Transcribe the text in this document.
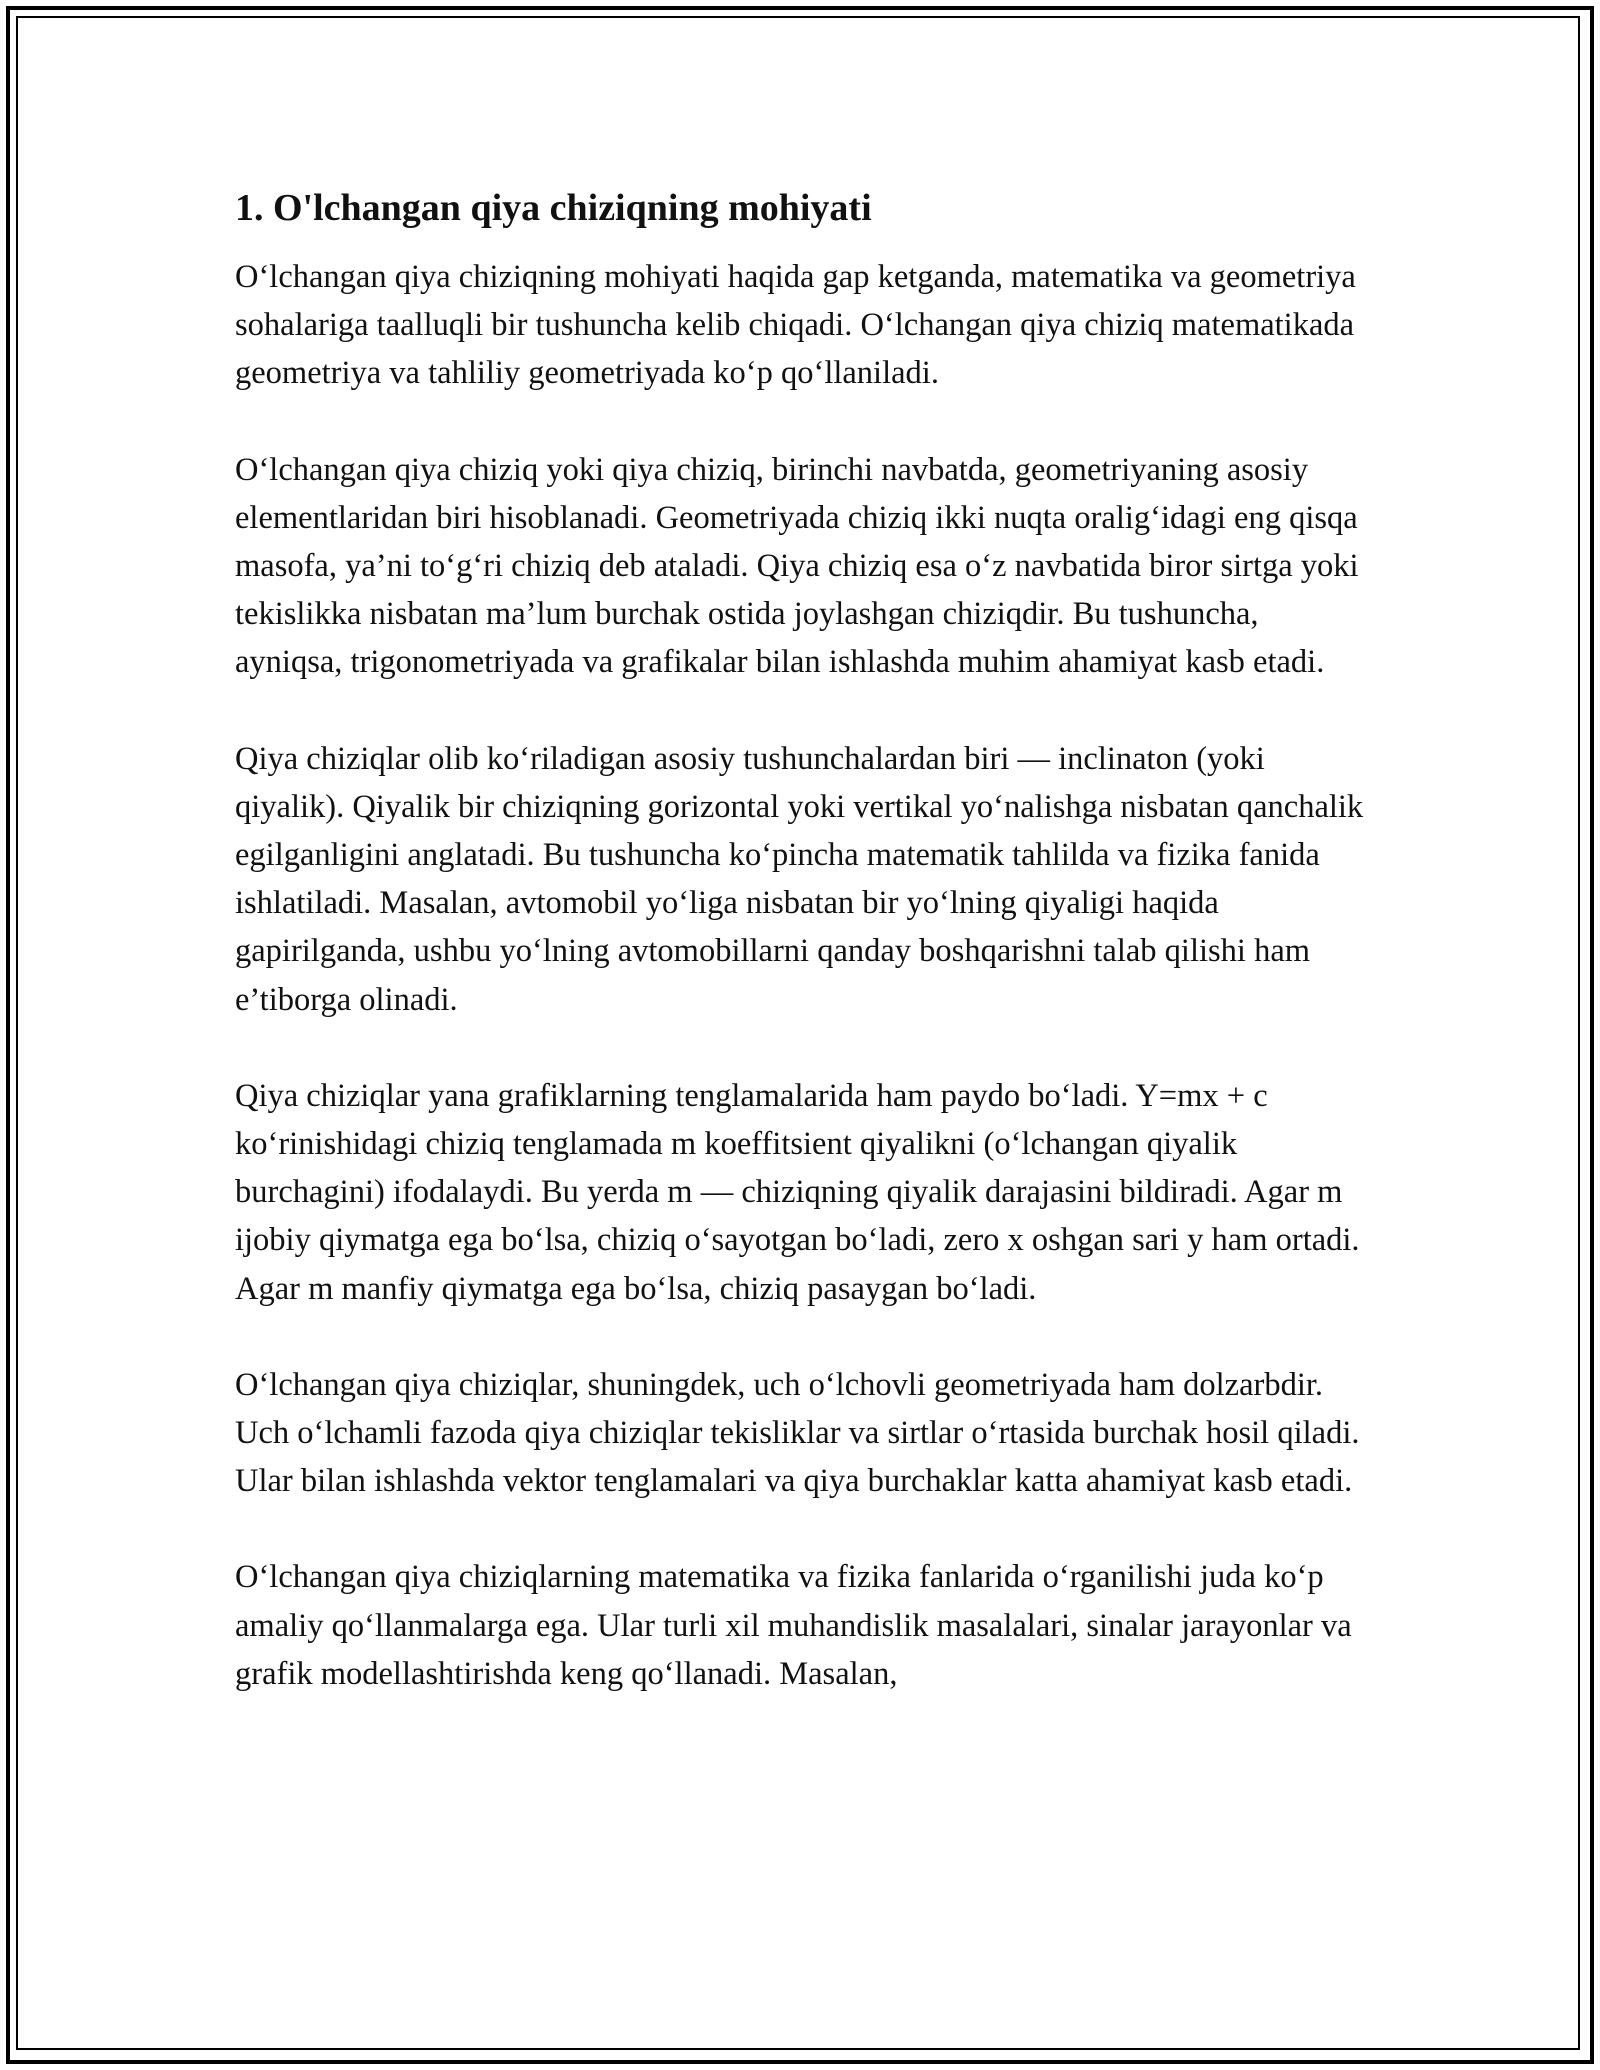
1. O'lchangan qiya chiziqning mohiyati

O‘lchangan qiya chiziqning mohiyati haqida gap ketganda, matematika va geometriya sohalariga taalluqli bir tushuncha kelib chiqadi. O‘lchangan qiya chiziq matematikada geometriya va tahliliy geometriyada ko‘p qo‘llaniladi.

O‘lchangan qiya chiziq yoki qiya chiziq, birinchi navbatda, geometriyaning asosiy elementlaridan biri hisoblanadi. Geometriyada chiziq ikki nuqta oralig‘idagi eng qisqa masofa, ya’ni to‘g‘ri chiziq deb ataladi. Qiya chiziq esa o‘z navbatida biror sirtga yoki tekislikka nisbatan ma’lum burchak ostida joylashgan chiziqdir. Bu tushuncha, ayniqsa, trigonometriyada va grafikalar bilan ishlashda muhim ahamiyat kasb etadi.

Qiya chiziqlar olib ko‘riladigan asosiy tushunchalardan biri — inclinaton (yoki qiyalik). Qiyalik bir chiziqning gorizontal yoki vertikal yo‘nalishga nisbatan qanchalik egilganligini anglatadi. Bu tushuncha ko‘pincha matematik tahlilda va fizika fanida ishlatiladi. Masalan, avtomobil yo‘liga nisbatan bir yo‘lning qiyaligi haqida gapirilganda, ushbu yo‘lning avtomobillarni qanday boshqarishni talab qilishi ham e’tiborga olinadi.

Qiya chiziqlar yana grafiklarning tenglamalarida ham paydo bo‘ladi. Y=mx + c ko‘rinishidagi chiziq tenglamada m koeffitsient qiyalikni (o‘lchangan qiyalik burchagini) ifodalaydi. Bu yerda m — chiziqning qiyalik darajasini bildiradi. Agar m ijobiy qiymatga ega bo‘lsa, chiziq o‘sayotgan bo‘ladi, zero x oshgan sari y ham ortadi. Agar m manfiy qiymatga ega bo‘lsa, chiziq pasaygan bo‘ladi.

O‘lchangan qiya chiziqlar, shuningdek, uch o‘lchovli geometriyada ham dolzarbdir. Uch o‘lchamli fazoda qiya chiziqlar tekisliklar va sirtlar o‘rtasida burchak hosil qiladi. Ular bilan ishlashda vektor tenglamalari va qiya burchaklar katta ahamiyat kasb etadi.

O‘lchangan qiya chiziqlarning matematika va fizika fanlarida o‘rganilishi juda ko‘p amaliy qo‘llanmalarga ega. Ular turli xil muhandislik masalalari, sinalar jarayonlar va grafik modellashtirishda keng qo‘llanadi. Masalan,
